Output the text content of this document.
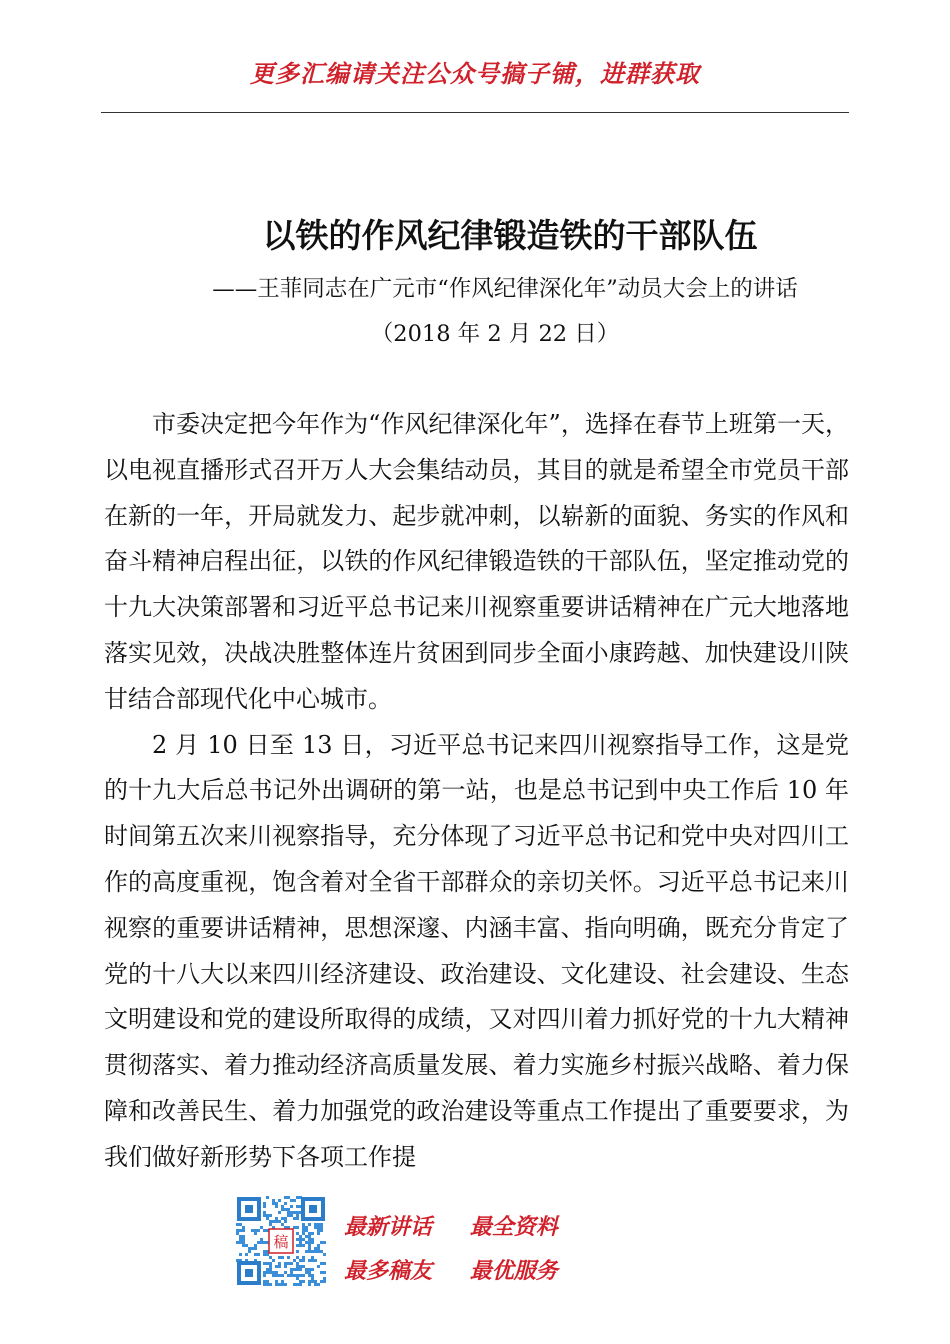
更多汇编请关注公众号搞子铺，进群获取
以铁的作风纪律锻造铁的干部队伍
——王菲同志在广元市“作风纪律深化年”动员大会上的讲话
（2018 年 2 月 22 日）

市委决定把今年作为“作风纪律深化年”，选择在春节上班第一天，以电视直播形式召开万人大会集结动员，其目的就是希望全市党员干部在新的一年，开局就发力、起步就冲刺，以崭新的面貌、务实的作风和奋斗精神启程出征，以铁的作风纪律锻造铁的干部队伍，坚定推动党的十九大决策部署和习近平总书记来川视察重要讲话精神在广元大地落地落实见效，决战决胜整体连片贫困到同步全面小康跨越、加快建设川陕甘结合部现代化中心城市。

2 月 10 日至 13 日，习近平总书记来四川视察指导工作，这是党的十九大后总书记外出调研的第一站，也是总书记到中央工作后 10 年时间第五次来川视察指导，充分体现了习近平总书记和党中央对四川工作的高度重视，饱含着对全省干部群众的亲切关怀。习近平总书记来川视察的重要讲话精神，思想深邃、内涵丰富、指向明确，既充分肯定了党的十八大以来四川经济建设、政治建设、文化建设、社会建设、生态文明建设和党的建设所取得的成绩，又对四川着力抓好党的十九大精神贯彻落实、着力推动经济高质量发展、着力实施乡村振兴战略、着力保障和改善民生、着力加强党的政治建设等重点工作提出了重要要求，为我们做好新形势下各项工作提

稿
最新讲话 最全资料
最多稿友 最优服务
